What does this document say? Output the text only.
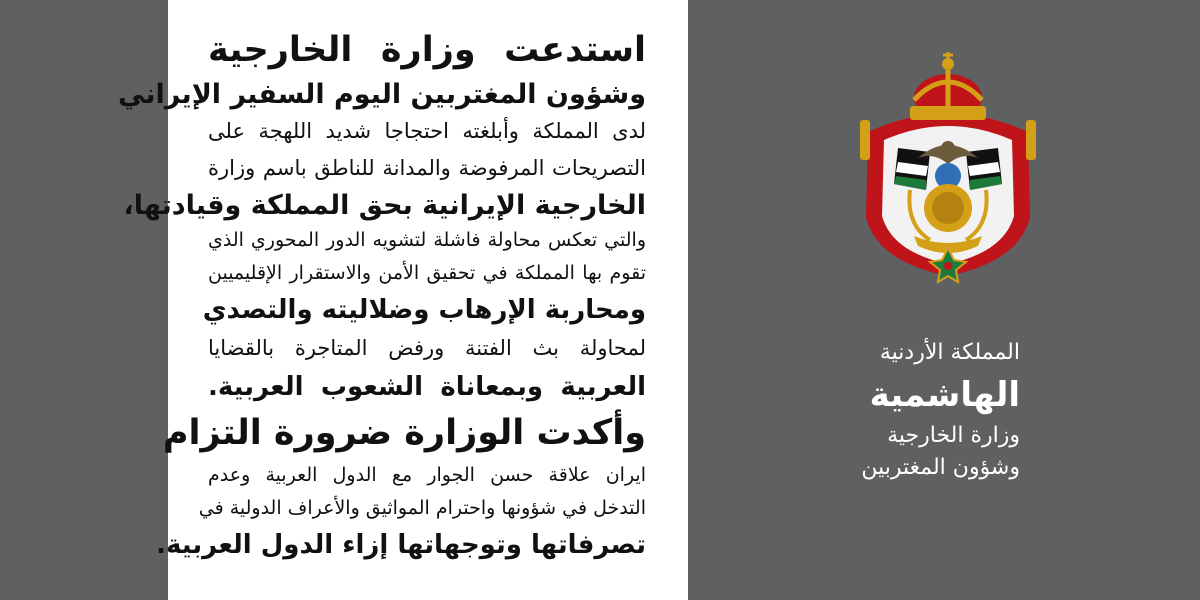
استدعت وزارة الخارجية
وشؤون المغتربين اليوم السفير الإيراني
لدى المملكة وأبلغته احتجاجا شديد اللهجة على
التصريحات المرفوضة والمدانة للناطق باسم وزارة
الخارجية الإيرانية بحق المملكة وقيادتها،
والتي تعكس محاولة فاشلة لتشويه الدور المحوري الذي
تقوم بها المملكة في تحقيق الأمن والاستقرار الإقليميين
ومحاربة الإرهاب وضلاليته والتصدي
لمحاولة بث الفتنة ورفض المتاجرة بالقضايا
العربية وبمعاناة الشعوب العربية.
وأكدت الوزارة ضرورة التزام
ايران علاقة حسن الجوار مع الدول العربية وعدم
التدخل في شؤونها واحترام المواثيق والأعراف الدولية في
تصرفاتها وتوجهاتها إزاء الدول العربية.
المملكة الأردنية
الهاشمية
وزارة الخارجية
وشؤون المغتربين
